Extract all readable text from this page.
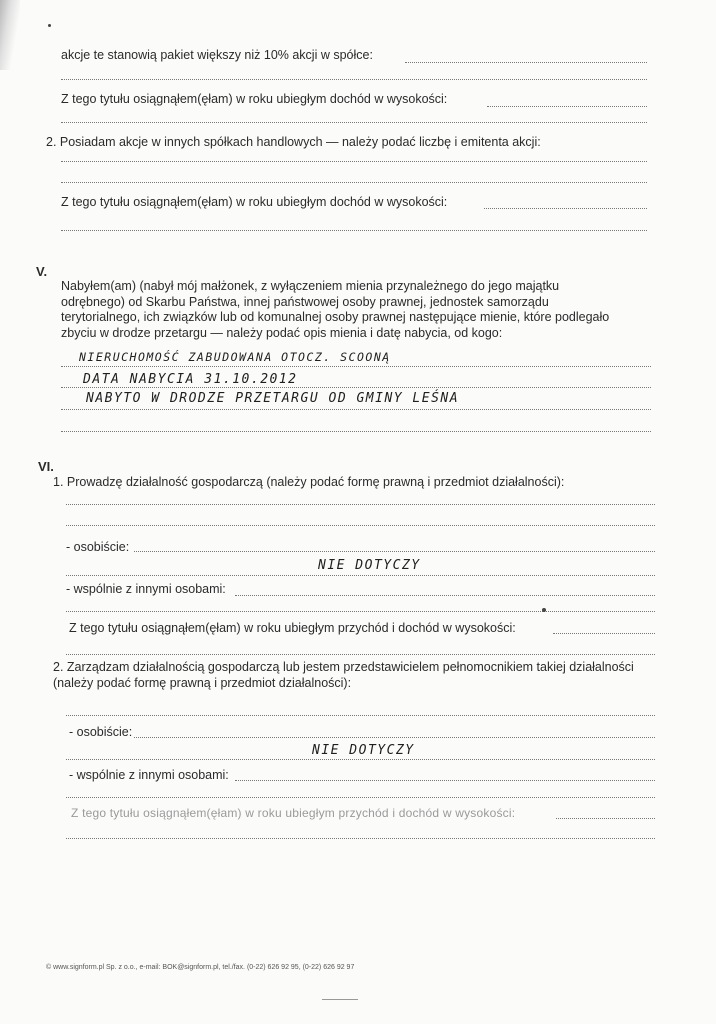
akcje te stanowią pakiet większy niż 10% akcji w spółce:
Z tego tytułu osiągnąłem(ęłam) w roku ubiegłym dochód w wysokości:
2. Posiadam akcje w innych spółkach handlowych — należy podać liczbę i emitenta akcji:
Z tego tytułu osiągnąłem(ęłam) w roku ubiegłym dochód w wysokości:
V.
Nabyłem(am) (nabył mój małżonek, z wyłączeniem mienia przynależnego do jego majątku odrębnego) od Skarbu Państwa, innej państwowej osoby prawnej, jednostek samorządu terytorialnego, ich związków lub od komunalnej osoby prawnej następujące mienie, które podlegało zbyciu w drodze przetargu — należy podać opis mienia i datę nabycia, od kogo:
NIERUCHOMOŚĆ ZABUDOWANA OTOCZ. SCOONĄ
DATA NABYCIA 31.10.2012
NABYTO W DRODZE PRZETARGU OD GMINY LEŚNA
VI.
1. Prowadzę działalność gospodarczą (należy podać formę prawną i przedmiot działalności):
- osobiście:
NIE DOTYCZY
- wspólnie z innymi osobami:
Z tego tytułu osiągnąłem(ęłam) w roku ubiegłym przychód i dochód w wysokości:
2. Zarządzam działalnością gospodarczą lub jestem przedstawicielem pełnomocnikiem takiej działalności (należy podać formę prawną i przedmiot działalności):
- osobiście:
NIE DOTYCZY
- wspólnie z innymi osobami:
Z tego tytułu osiągnąłem(ęłam) w roku ubiegłym przychód i dochód w wysokości:
© www.signform.pl Sp. z o.o., e-mail: BOK@signform.pl, tel./fax. (0-22) 626 92 95, (0-22) 626 92 97
